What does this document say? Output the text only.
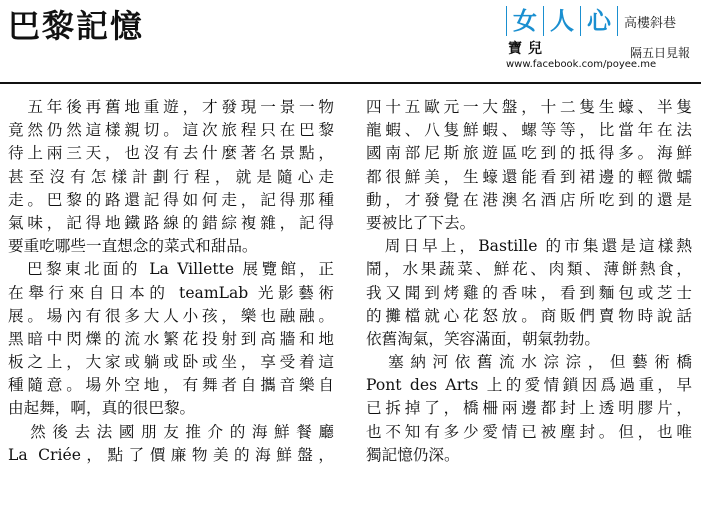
巴黎記憶	女 人 心	高樓斜巷
寶兒	隔五日見報
www.facebook.com/poyee.me
　五年後再舊地重遊，才發現一景一物
竟然仍然這樣親切。這次旅程只在巴黎
待上兩三天，也沒有去什麼著名景點，
甚至沒有怎樣計劃行程，就是隨心走
走。巴黎的路還記得如何走，記得那種
氣味，記得地鐵路線的錯綜複雜，記得
要重吃哪些一直想念的菜式和甜品。
　巴黎東北面的 La Villette 展覽館，正
在舉行來自日本的 teamLab 光影藝術
展。場內有很多大人小孩，樂也融融。
黑暗中閃爍的流水繁花投射到高牆和地
板之上，大家或躺或卧或坐，享受着這
種隨意。場外空地，有舞者自攜音樂自
由起舞，啊，真的很巴黎。
　然後去法國朋友推介的海鮮餐廳
La Criée，點了價廉物美的海鮮盤，
四十五歐元一大盤，十二隻生蠔、半隻
龍蝦、八隻鮮蝦、螺等等，比當年在法
國南部尼斯旅遊區吃到的抵得多。海鮮
都很鮮美，生蠔還能看到裙邊的輕微蠕
動，才發覺在港澳名酒店所吃到的還是
要被比了下去。
　周日早上，Bastille 的市集還是這樣熱
鬧，水果蔬菜、鮮花、肉類、薄餅熱食，
我又聞到烤雞的香味，看到麵包或芝士
的攤檔就心花怒放。商販們賣物時說話
依舊淘氣，笑容滿面，朝氣勃勃。
　塞納河依舊流水淙淙，但藝術橋
Pont des Arts 上的愛情鎖因爲過重，早
已拆掉了，橋柵兩邊都封上透明膠片，
也不知有多少愛情已被塵封。但，也唯
獨記憶仍深。
